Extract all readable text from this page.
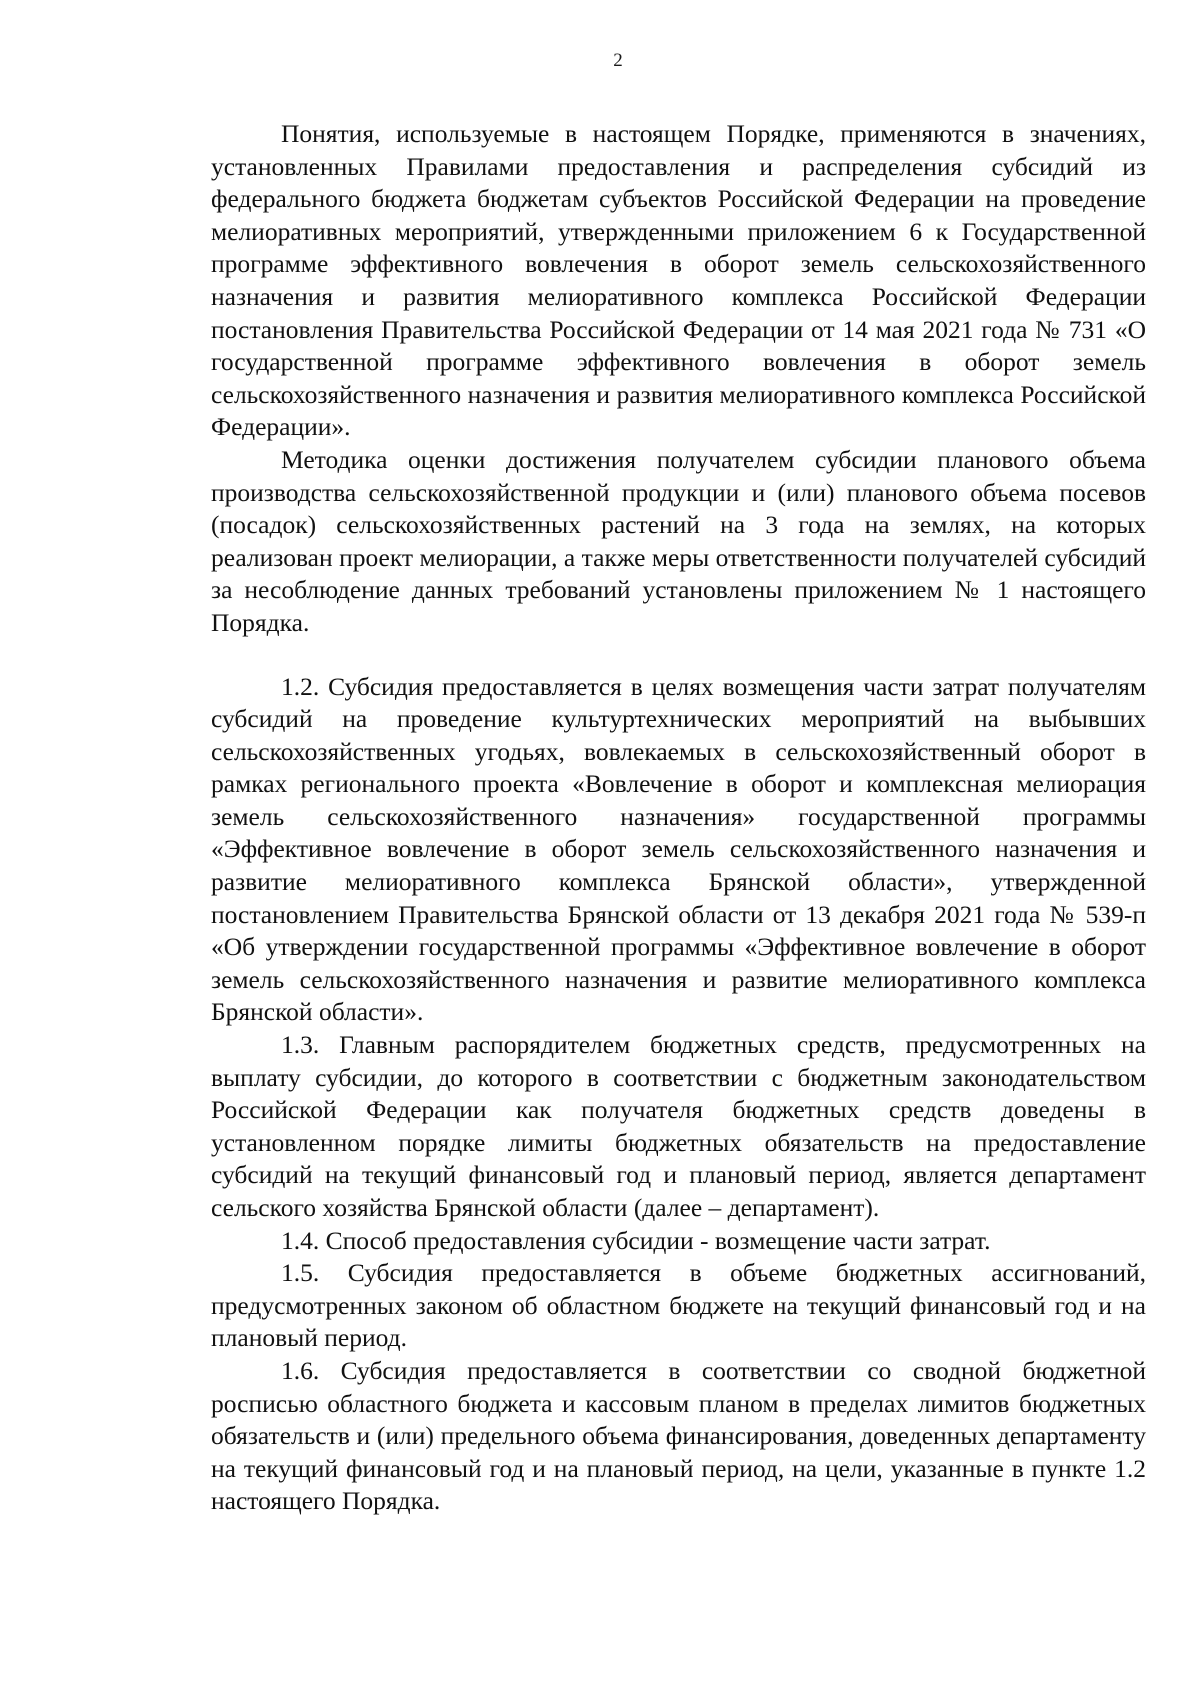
2

Понятия, используемые в настоящем Порядке, применяются в значениях, установленных Правилами предоставления и распределения субсидий из федерального бюджета бюджетам субъектов Российской Федерации на проведение мелиоративных мероприятий, утвержденными приложением 6 к Государственной программе эффективного вовлечения в оборот земель сельскохозяйственного назначения и развития мелиоративного комплекса Российской Федерации постановления Правительства Российской Федерации от 14 мая 2021 года № 731 «О государственной программе эффективного вовлечения в оборот земель сельскохозяйственного назначения и развития мелиоративного комплекса Российской Федерации».

Методика оценки достижения получателем субсидии планового объема производства сельскохозяйственной продукции и (или) планового объема посевов (посадок) сельскохозяйственных растений на 3 года на землях, на которых реализован проект мелиорации, а также меры ответственности получателей субсидий за несоблюдение данных требований установлены приложением № 1 настоящего Порядка.

1.2. Субсидия предоставляется в целях возмещения части затрат получателям субсидий на проведение культуртехнических мероприятий на выбывших сельскохозяйственных угодьях, вовлекаемых в сельскохозяйственный оборот в рамках регионального проекта «Вовлечение в оборот и комплексная мелиорация земель сельскохозяйственного назначения» государственной программы «Эффективное вовлечение в оборот земель сельскохозяйственного назначения и развитие мелиоративного комплекса Брянской области», утвержденной постановлением Правительства Брянской области от 13 декабря 2021 года № 539-п «Об утверждении государственной программы «Эффективное вовлечение в оборот земель сельскохозяйственного назначения и развитие мелиоративного комплекса Брянской области».

1.3. Главным распорядителем бюджетных средств, предусмотренных на выплату субсидии, до которого в соответствии с бюджетным законодательством Российской Федерации как получателя бюджетных средств доведены в установленном порядке лимиты бюджетных обязательств на предоставление субсидий на текущий финансовый год и плановый период, является департамент сельского хозяйства Брянской области (далее – департамент).

1.4. Способ предоставления субсидии - возмещение части затрат.

1.5. Субсидия предоставляется в объеме бюджетных ассигнований, предусмотренных законом об областном бюджете на текущий финансовый год и на плановый период.

1.6. Субсидия предоставляется в соответствии со сводной бюджетной росписью областного бюджета и кассовым планом в пределах лимитов бюджетных обязательств и (или) предельного объема финансирования, доведенных департаменту на текущий финансовый год и на плановый период, на цели, указанные в пункте 1.2 настоящего Порядка.
